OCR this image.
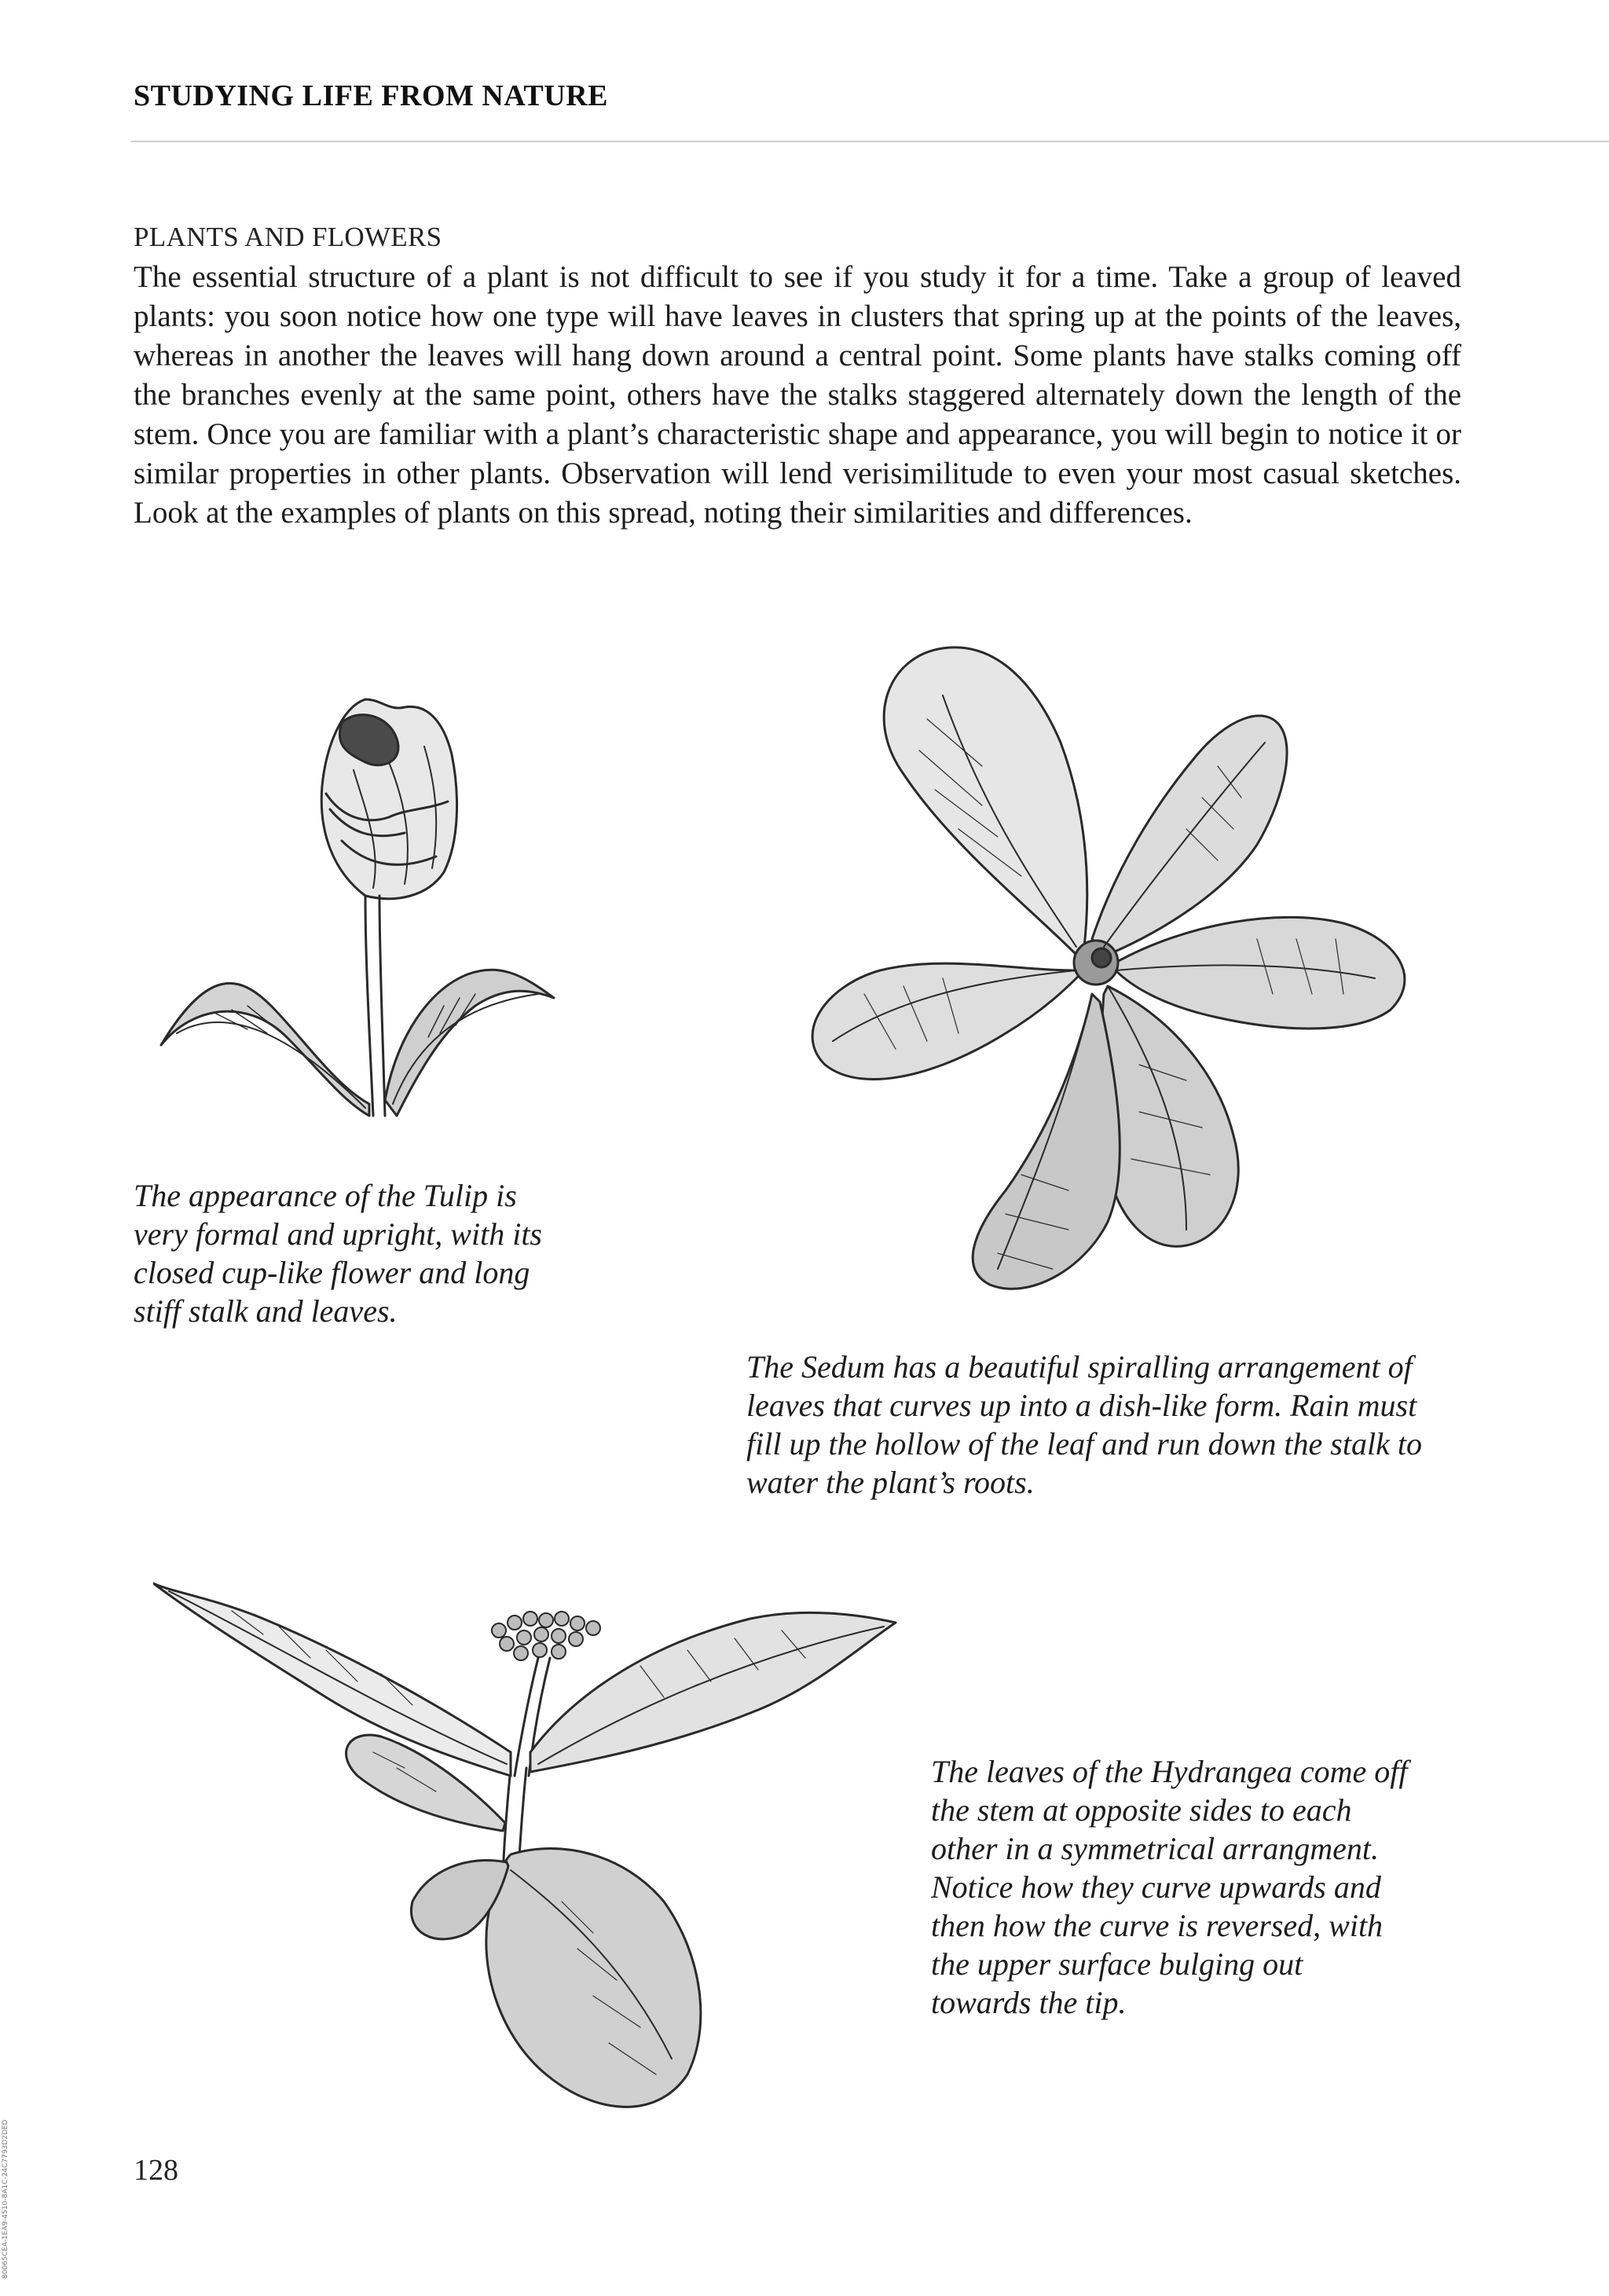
STUDYING LIFE FROM NATURE
PLANTS AND FLOWERS
The essential structure of a plant is not difficult to see if you study it for a time. Take a group of leaved plants: you soon notice how one type will have leaves in clusters that spring up at the points of the leaves, whereas in another the leaves will hang down around a central point. Some plants have stalks coming off the branches evenly at the same point, others have the stalks staggered alternately down the length of the stem. Once you are familiar with a plant’s characteristic shape and appearance, you will begin to notice it or similar properties in other plants. Observation will lend verisimilitude to even your most casual sketches. Look at the examples of plants on this spread, noting their similarities and differences.
The appearance of the Tulip is very formal and upright, with its closed cup-like flower and long stiff stalk and leaves.
The Sedum has a beautiful spiralling arrangement of leaves that curves up into a dish-like form. Rain must fill up the hollow of the leaf and run down the stalk to water the plant’s roots.
The leaves of the Hydrangea come off the stem at opposite sides to each other in a symmetrical arrangment. Notice how they curve upwards and then how the curve is reversed, with the upper surface bulging out towards the tip.
128
80065CEA-1EA9-4510-8A1C-24C7793D2DED
